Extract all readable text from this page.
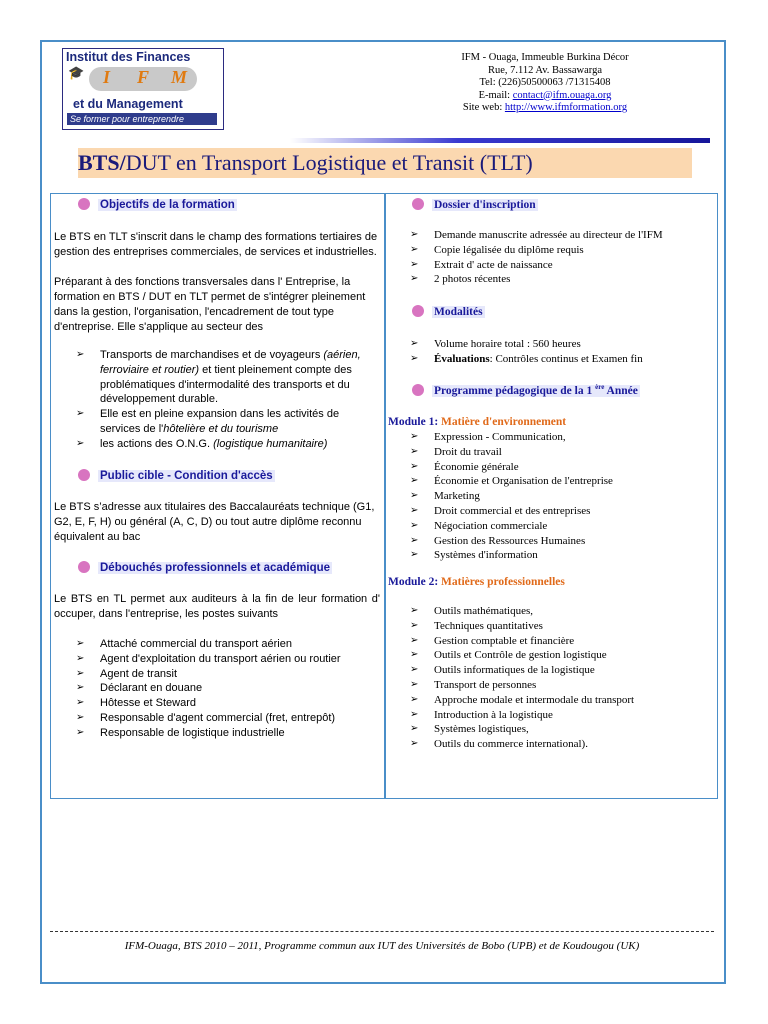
Institut des Finances
I F M
🎓
et du Management
Se former pour entreprendre
IFM - Ouaga, Immeuble Burkina Décor
Rue, 7.112 Av. Bassawarga
Tel: (226)50500063 /71315408
E-mail: contact@ifm.ouaga.org
Site web: http://www.ifmformation.org
BTS/DUT en Transport Logistique et Transit (TLT)
Objectifs de la formation
Le BTS en TLT s'inscrit dans le champ des formations tertiaires de gestion des entreprises commerciales, de services et industrielles.
Préparant à des fonctions transversales dans l' Entreprise, la formation en BTS / DUT en TLT permet de s'intégrer pleinement dans la gestion, l'organisation, l'encadrement de tout type d'entreprise. Elle s'applique au secteur des
➢ Transports de marchandises et de voyageurs (aérien, ferroviaire et routier) et tient pleinement compte des problématiques d'intermodalité des transports et du développement durable.
➢ Elle est en pleine expansion dans les activités de services de l'hôtelière et du tourisme
➢ les actions des O.N.G. (logistique humanitaire)
Public cible - Condition d'accès
Le BTS s’adresse aux titulaires des Baccalauréats technique (G1, G2, E, F, H) ou général (A, C, D) ou tout autre diplôme reconnu équivalent au bac
Débouchés professionnels et académique
Le BTS en TL permet aux auditeurs à la fin de leur formation d' occuper, dans l'entreprise, les postes suivants
➢ Attaché commercial du transport aérien
➢ Agent d'exploitation du transport aérien ou routier
➢ Agent de transit
➢ Déclarant en douane
➢ Hôtesse et Steward
➢ Responsable d'agent commercial (fret, entrepôt)
➢ Responsable de logistique industrielle
Dossier d'inscription
➢ Demande manuscrite adressée au directeur de l'IFM
➢ Copie légalisée du diplôme requis
➢ Extrait d' acte de naissance
➢ 2 photos récentes
Modalités
➢ Volume horaire total : 560 heures
➢ Évaluations: Contrôles continus et Examen fin
Programme pédagogique de la 1 $^{ère}$ Année
Module 1: Matière d'environnement
➢ Expression - Communication,
➢ Droit du travail
➢ Économie générale
➢ Économie et Organisation de l'entreprise
➢ Marketing
➢ Droit commercial et des entreprises
➢ Négociation commerciale
➢ Gestion des Ressources Humaines
➢ Systèmes d'information
Module 2: Matières professionnelles
➢ Outils mathématiques,
➢ Techniques quantitatives
➢ Gestion comptable et financière
➢ Outils et Contrôle de gestion logistique
➢ Outils informatiques de la logistique
➢ Transport de personnes
➢ Approche modale et intermodale du transport
➢ Introduction à la logistique
➢ Systèmes logistiques,
➢ Outils du commerce international).
IFM-Ouaga, BTS 2010 – 2011, Programme commun aux IUT des Universités de Bobo (UPB) et de Koudougou (UK)
